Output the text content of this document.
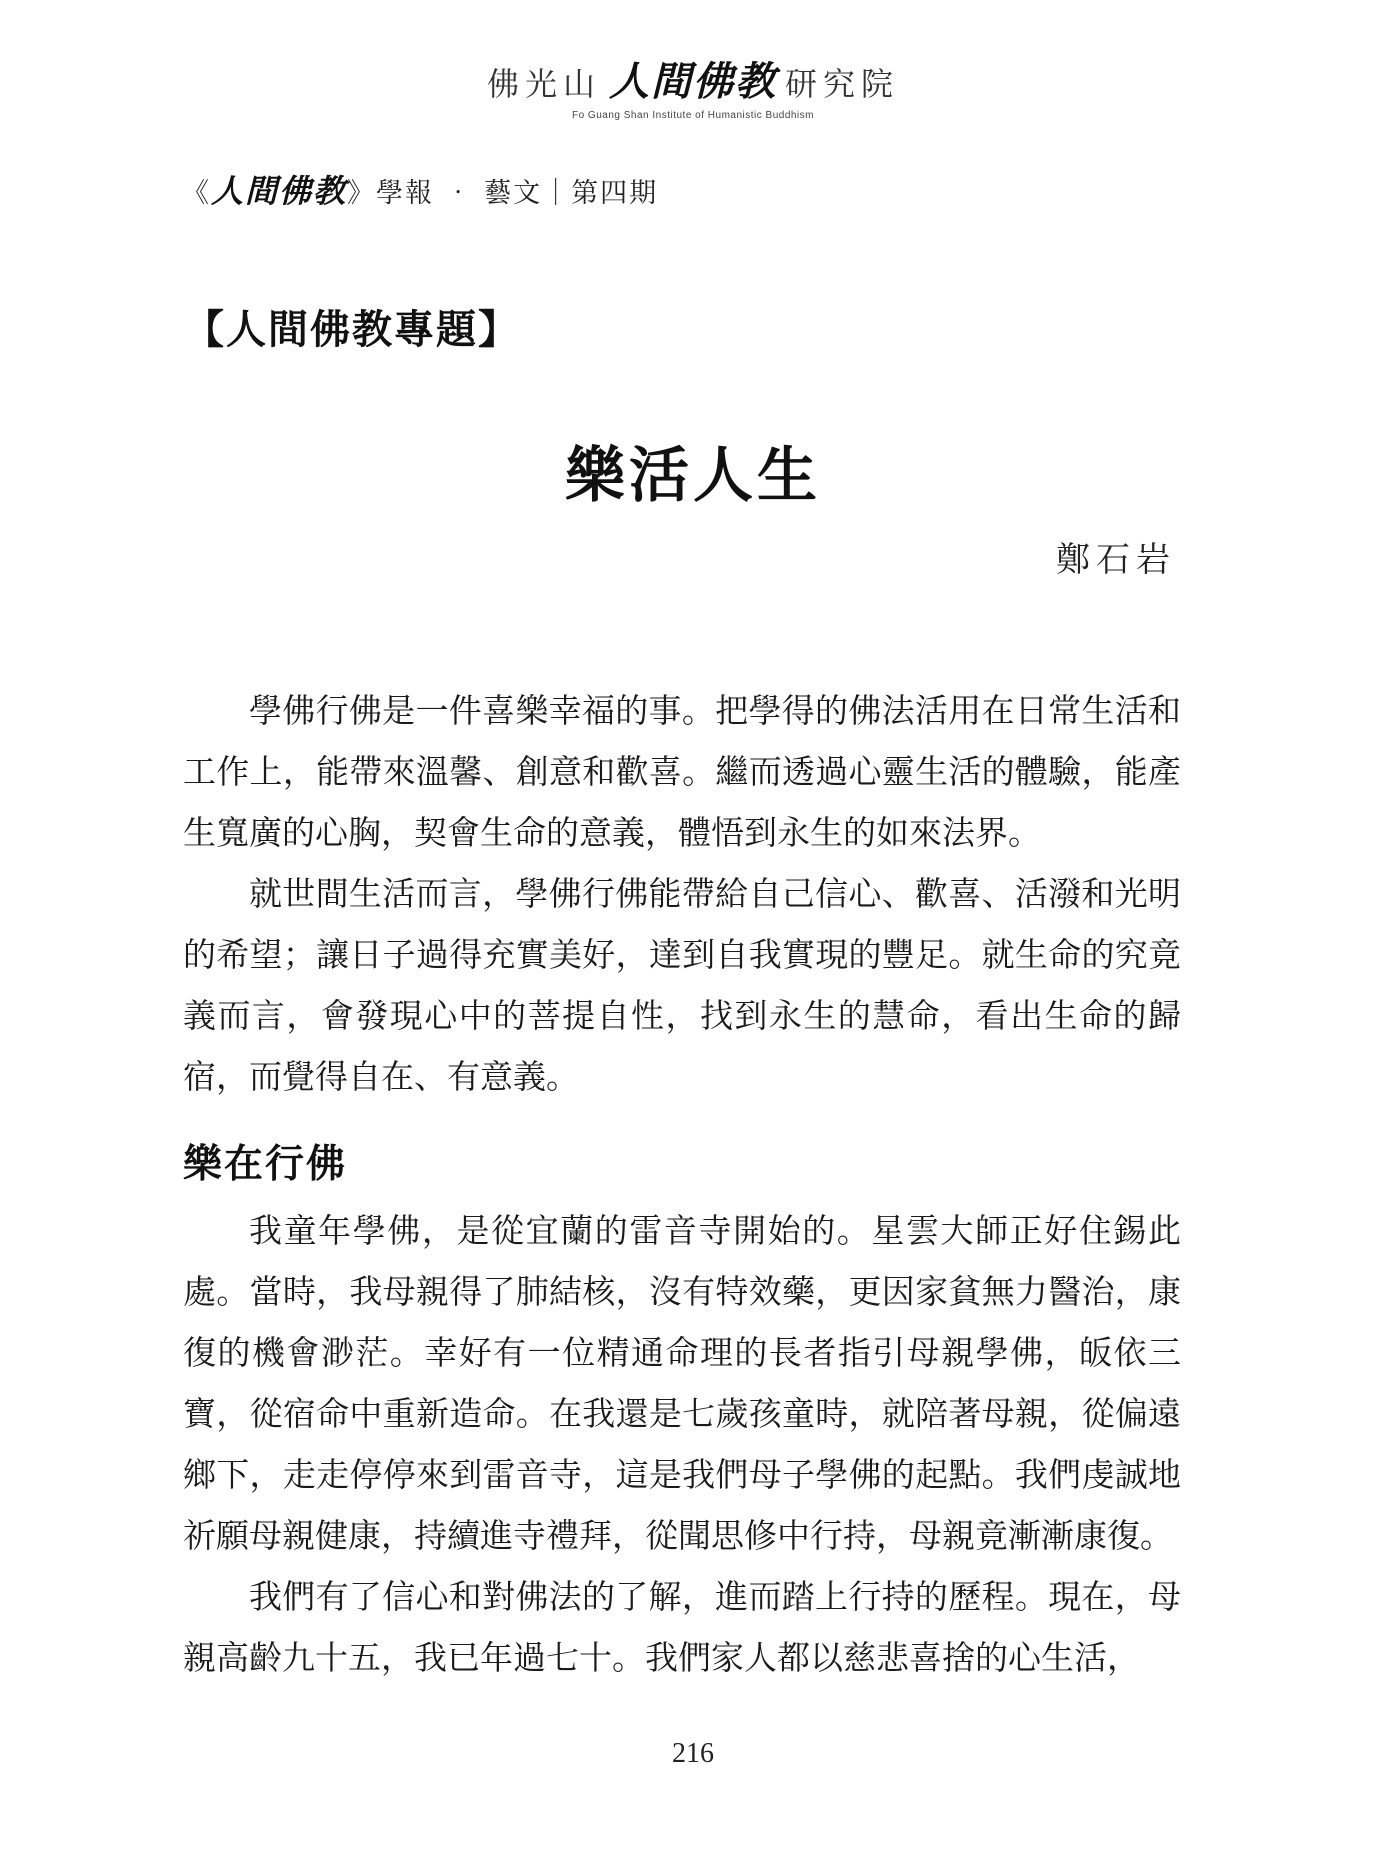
佛光山 人間佛教 研究院
Fo Guang Shan Institute of Humanistic Buddhism
《人間佛教》學報 ‧ 藝文｜第四期
【人間佛教專題】
樂活人生
鄭石岩

學佛行佛是一件喜樂幸福的事。把學得的佛法活用在日常生活和工作上，能帶來溫馨、創意和歡喜。繼而透過心靈生活的體驗，能產生寬廣的心胸，契會生命的意義，體悟到永生的如來法界。

就世間生活而言，學佛行佛能帶給自己信心、歡喜、活潑和光明的希望；讓日子過得充實美好，達到自我實現的豐足。就生命的究竟義而言，會發現心中的菩提自性，找到永生的慧命，看出生命的歸宿，而覺得自在、有意義。

樂在行佛

我童年學佛，是從宜蘭的雷音寺開始的。星雲大師正好住錫此處。當時，我母親得了肺結核，沒有特效藥，更因家貧無力醫治，康復的機會渺茫。幸好有一位精通命理的長者指引母親學佛，皈依三寶，從宿命中重新造命。在我還是七歲孩童時，就陪著母親，從偏遠鄉下，走走停停來到雷音寺，這是我們母子學佛的起點。我們虔誠地祈願母親健康，持續進寺禮拜，從聞思修中行持，母親竟漸漸康復。

我們有了信心和對佛法的了解，進而踏上行持的歷程。現在，母親高齡九十五，我已年過七十。我們家人都以慈悲喜捨的心生活，

216
